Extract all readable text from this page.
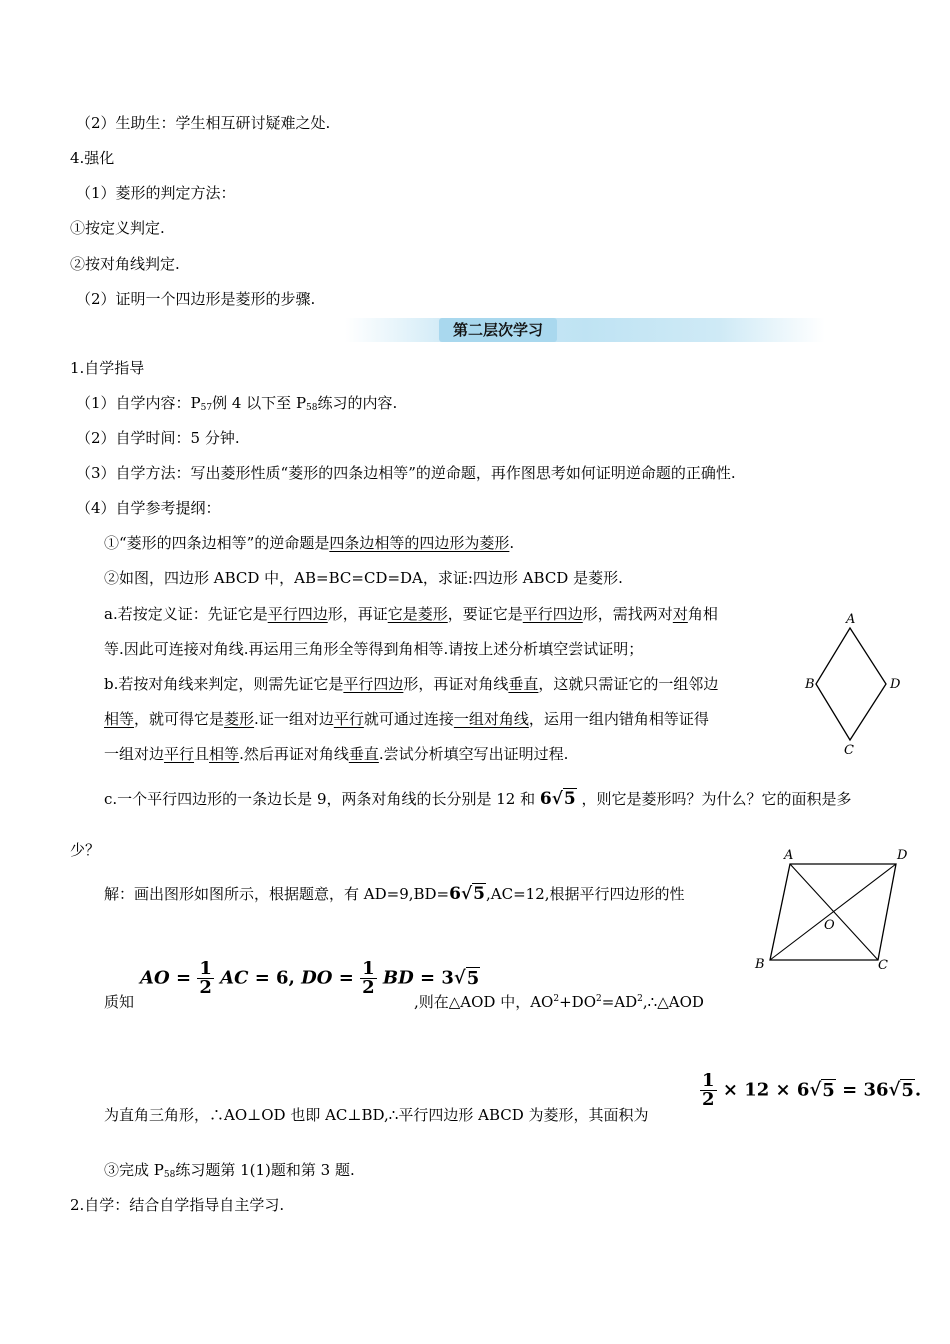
（2）生助生：学生相互研讨疑难之处.
4.强化
（1）菱形的判定方法：
①按定义判定.
②按对角线判定.
（2）证明一个四边形是菱形的步骤.
第二层次学习
1.自学指导
（1）自学内容：$P_{57}$例 4 以下至 $P_{58}$练习的内容.
（2）自学时间：5 分钟.
（3）自学方法：写出菱形性质“菱形的四条边相等”的逆命题，再作图思考如何证明逆命题的正确性.
（4）自学参考提纲：
①“菱形的四条边相等”的逆命题是四条边相等的四边形为菱形.
②如图，四边形 ABCD 中，AB=BC=CD=DA，求证:四边形 ABCD 是菱形.
a.若按定义证：先证它是平行四边形，再证它是菱形，要证它是平行四边形，需找两对对角相
等.因此可连接对角线.再运用三角形全等得到角相等.请按上述分析填空尝试证明；
b.若按对角线来判定，则需先证它是平行四边形，再证对角线垂直，这就只需证它的一组邻边
相等，就可得它是菱形.证一组对边平行就可通过连接一组对角线，运用一组内错角相等证得
一组对边平行且相等.然后再证对角线垂直.尝试分析填空写出证明过程.
A
B	D
C
c.一个平行四边形的一条边长是 9，两条对角线的长分别是 12 和 6√5 ，则它是菱形吗？为什么？它的面积是多
少？	A	D
O
B	C
解：画出图形如图所示，根据题意，有 AD=9,BD=6√5,AC=12,根据平行四边形的性
质知
AO = $\frac{1}{2}$ AC = 6, DO = $\frac{1}{2}$ BD = 3√5
,则在△AOD 中，$AO^2+DO^2=AD^2,\therefore\triangle AOD$
为直角三角形，∴AO⊥OD 也即 AC⊥BD,∴平行四边形 ABCD 为菱形，其面积为
$\frac{1}{2} \times 12 \times 6√5 = 36√5$.
③完成 $P_{58}$练习题第 1(1)题和第 3 题.
2.自学：结合自学指导自主学习.
